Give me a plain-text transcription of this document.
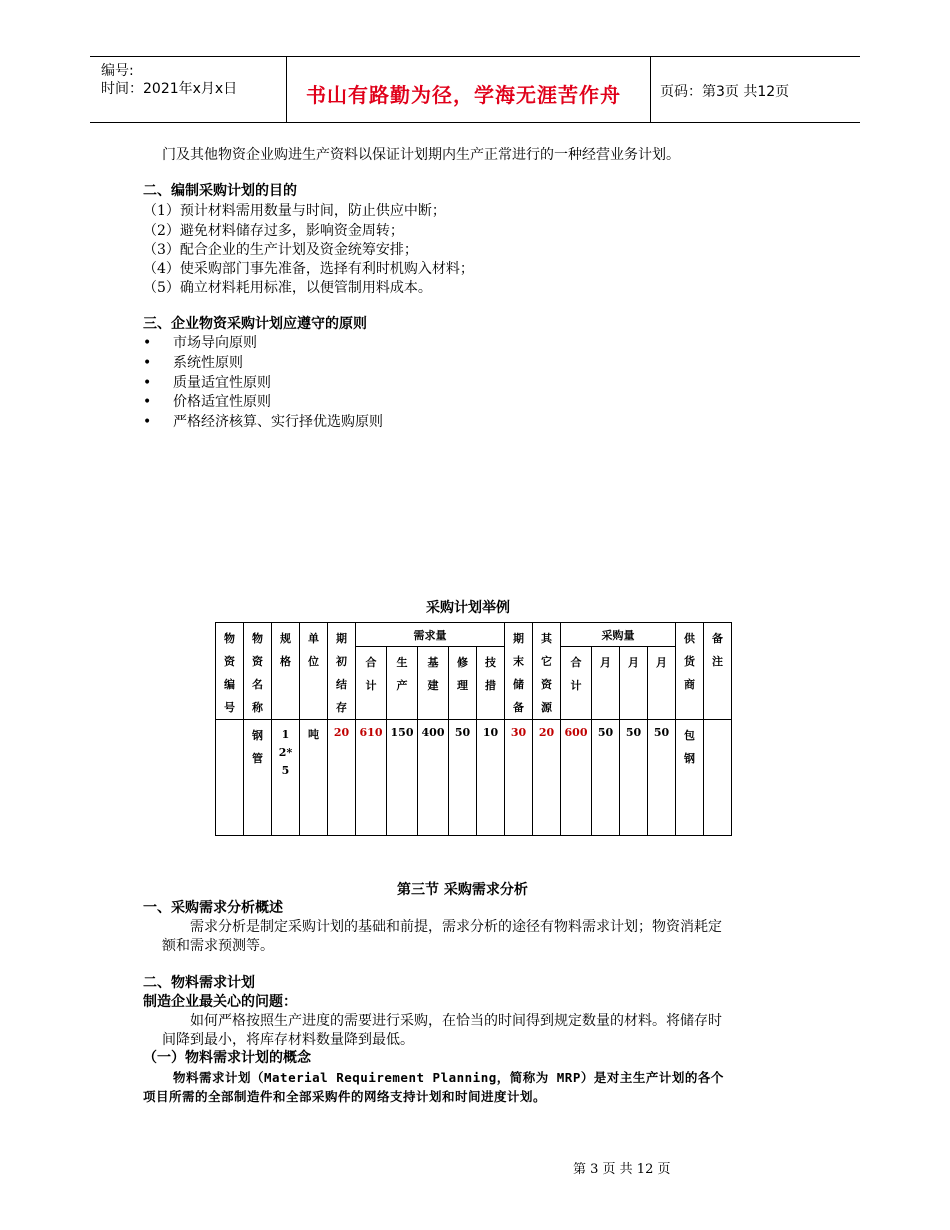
编号:
时间：2021年x月x日	书山有路勤为径，学海无涯苦作舟	页码：第3页 共12页
门及其他物资企业购进生产资料以保证计划期内生产正常进行的一种经营业务计划。
二、编制采购计划的目的
（1）预计材料需用数量与时间，防止供应中断；
（2）避免材料储存过多，影响资金周转；
（3）配合企业的生产计划及资金统筹安排；
（4）使采购部门事先准备，选择有利时机购入材料；
（5）确立材料耗用标准，以便管制用料成本。
三、企业物资采购计划应遵守的原则
• 市场导向原则
• 系统性原则
• 质量适宜性原则
• 价格适宜性原则
• 严格经济核算、实行择优选购原则
采购计划举例
物资编号	物资名称	规格	单位	期初结存	需求量					期末储备	其它资源	采购量				供货商	备注

					合计	生产	基建	修理	技措			合计	月	月	月		

	钢管	12*5	吨	20	610	150	400	50	10	30	20	600	50	50	50	包钢	

第三节 采购需求分析
一、采购需求分析概述
需求分析是制定采购计划的基础和前提，需求分析的途径有物料需求计划；物资消耗定
额和需求预测等。
二、物料需求计划
制造企业最关心的问题：
如何严格按照生产进度的需要进行采购，在恰当的时间得到规定数量的材料。将储存时
间降到最小，将库存材料数量降到最低。
（一）物料需求计划的概念
物料需求计划（Material Requirement Planning，简称为 MRP）是对主生产计划的各个
项目所需的全部制造件和全部采购件的网络支持计划和时间进度计划。
第 3 页 共 12 页
